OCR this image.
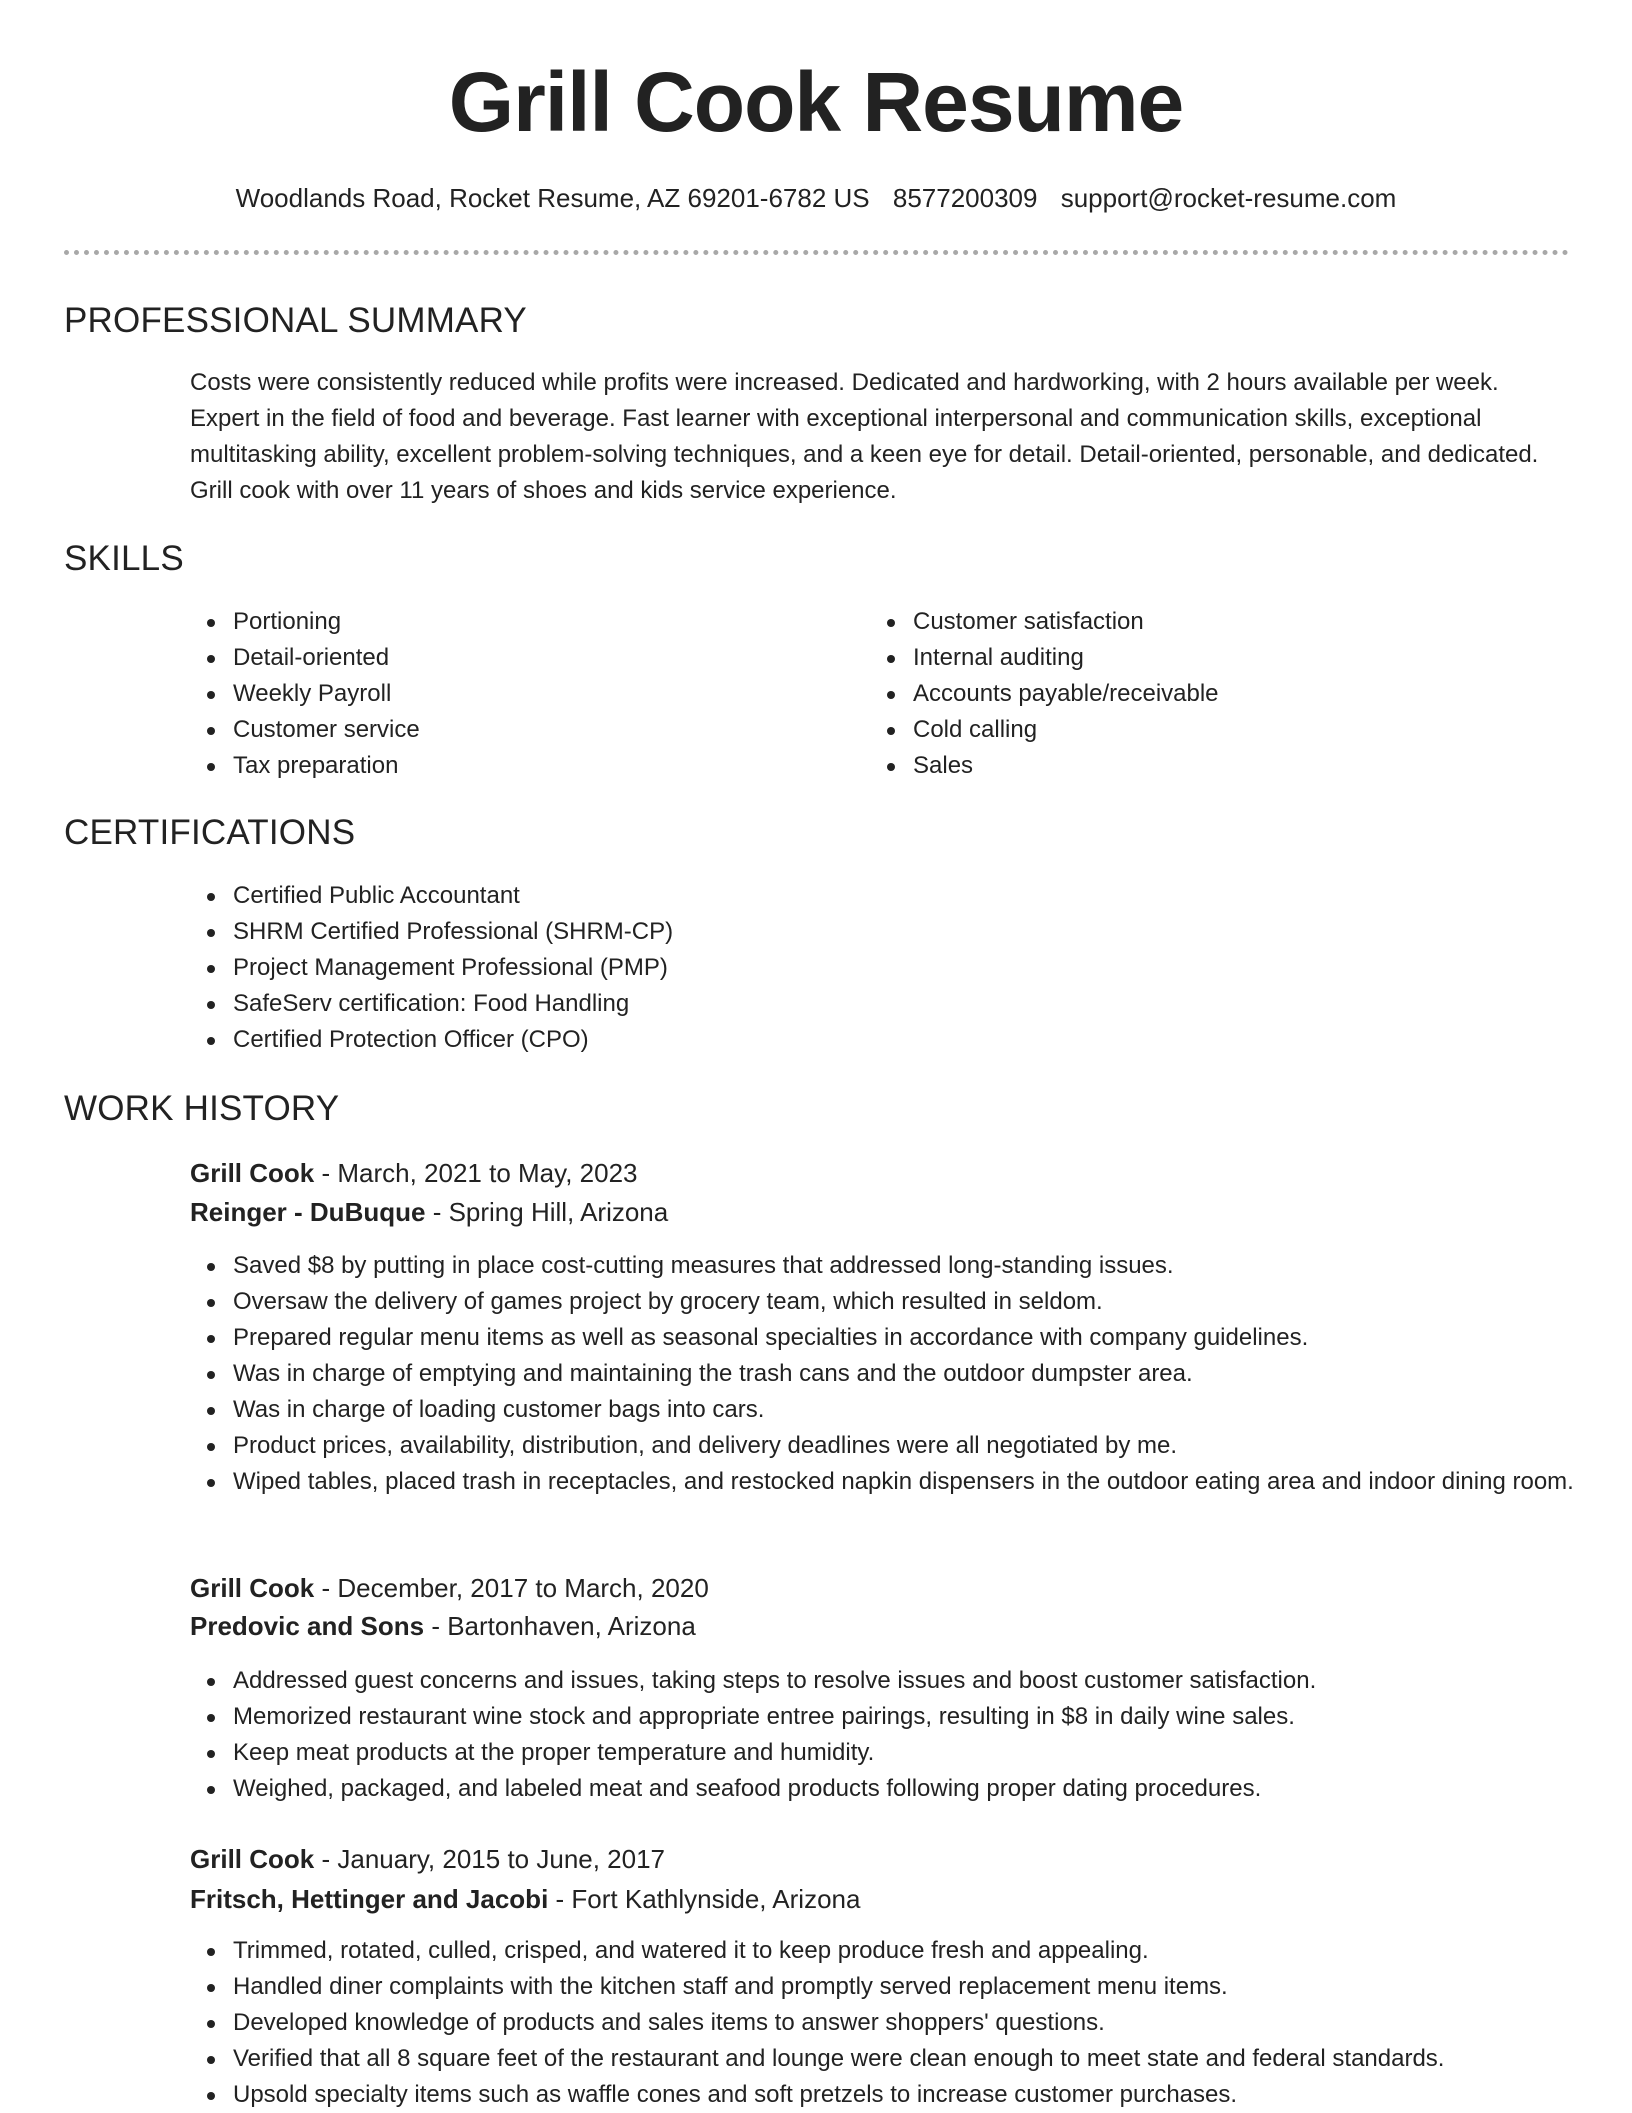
Grill Cook Resume
Woodlands Road, Rocket Resume, AZ 69201-6782 US 8577200309 support@rocket-resume.com
PROFESSIONAL SUMMARY

Costs were consistently reduced while profits were increased. Dedicated and hardworking, with 2 hours available per week. Expert in the field of food and beverage. Fast learner with exceptional interpersonal and communication skills, exceptional multitasking ability, excellent problem-solving techniques, and a keen eye for detail. Detail-oriented, personable, and dedicated. Grill cook with over 11 years of shoes and kids service experience.

SKILLS
Portioning
Detail-oriented
Weekly Payroll
Customer service
Tax preparation
Customer satisfaction
Internal auditing
Accounts payable/receivable
Cold calling
Sales
CERTIFICATIONS
Certified Public Accountant
SHRM Certified Professional (SHRM-CP)
Project Management Professional (PMP)
SafeServ certification: Food Handling
Certified Protection Officer (CPO)
WORK HISTORY
Grill Cook - March, 2021 to May, 2023
Reinger - DuBuque - Spring Hill, Arizona
Saved $8 by putting in place cost-cutting measures that addressed long-standing issues.
Oversaw the delivery of games project by grocery team, which resulted in seldom.
Prepared regular menu items as well as seasonal specialties in accordance with company guidelines.
Was in charge of emptying and maintaining the trash cans and the outdoor dumpster area.
Was in charge of loading customer bags into cars.
Product prices, availability, distribution, and delivery deadlines were all negotiated by me.
Wiped tables, placed trash in receptacles, and restocked napkin dispensers in the outdoor eating area and indoor dining room.
Grill Cook - December, 2017 to March, 2020
Predovic and Sons - Bartonhaven, Arizona
Addressed guest concerns and issues, taking steps to resolve issues and boost customer satisfaction.
Memorized restaurant wine stock and appropriate entree pairings, resulting in $8 in daily wine sales.
Keep meat products at the proper temperature and humidity.
Weighed, packaged, and labeled meat and seafood products following proper dating procedures.
Grill Cook - January, 2015 to June, 2017
Fritsch, Hettinger and Jacobi - Fort Kathlynside, Arizona
Trimmed, rotated, culled, crisped, and watered it to keep produce fresh and appealing.
Handled diner complaints with the kitchen staff and promptly served replacement menu items.
Developed knowledge of products and sales items to answer shoppers' questions.
Verified that all 8 square feet of the restaurant and lounge were clean enough to meet state and federal standards.
Upsold specialty items such as waffle cones and soft pretzels to increase customer purchases.
